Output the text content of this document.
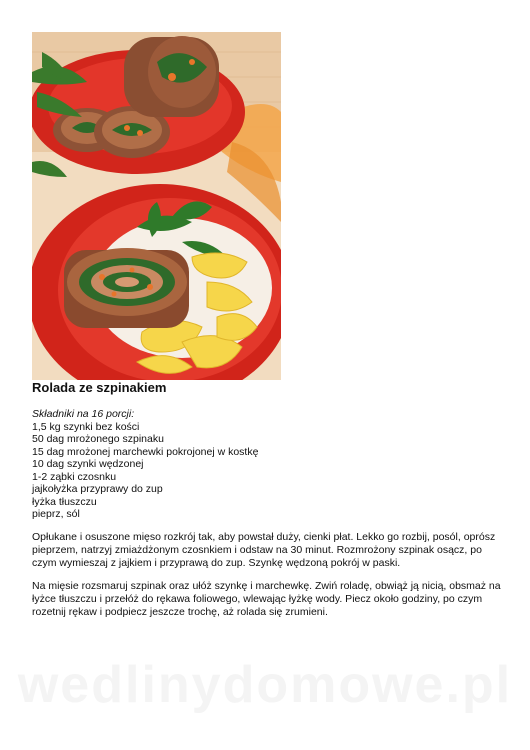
Rolada ze szpinakiem
Składniki na 16 porcji:
1,5 kg szynki bez kości
50 dag mrożonego szpinaku
15 dag mrożonej marchewki pokrojonej w kostkę
10 dag szynki wędzonej
1-2 ząbki czosnku
jajkołyżka przyprawy do zup
łyżka tłuszczu
pieprz, sól

Opłukane i osuszone mięso rozkrój tak, aby powstał duży, cienki płat. Lekko go rozbij, posól, oprósz pieprzem, natrzyj zmiażdżonym czosnkiem i odstaw na 30 minut. Rozmrożony szpinak osącz, po czym wymieszaj z jajkiem i przyprawą do zup. Szynkę wędzoną pokrój w paski.

Na mięsie rozsmaruj szpinak oraz ułóż szynkę i marchewkę. Zwiń roladę, obwiąż ją nicią, obsmaż na łyżce tłuszczu i przełóż do rękawa foliowego, wlewając łyżkę wody. Piecz około godziny, po czym rozetnij rękaw i podpiecz jeszcze trochę, aż rolada się zrumieni.

wedlinydomowe.pl
